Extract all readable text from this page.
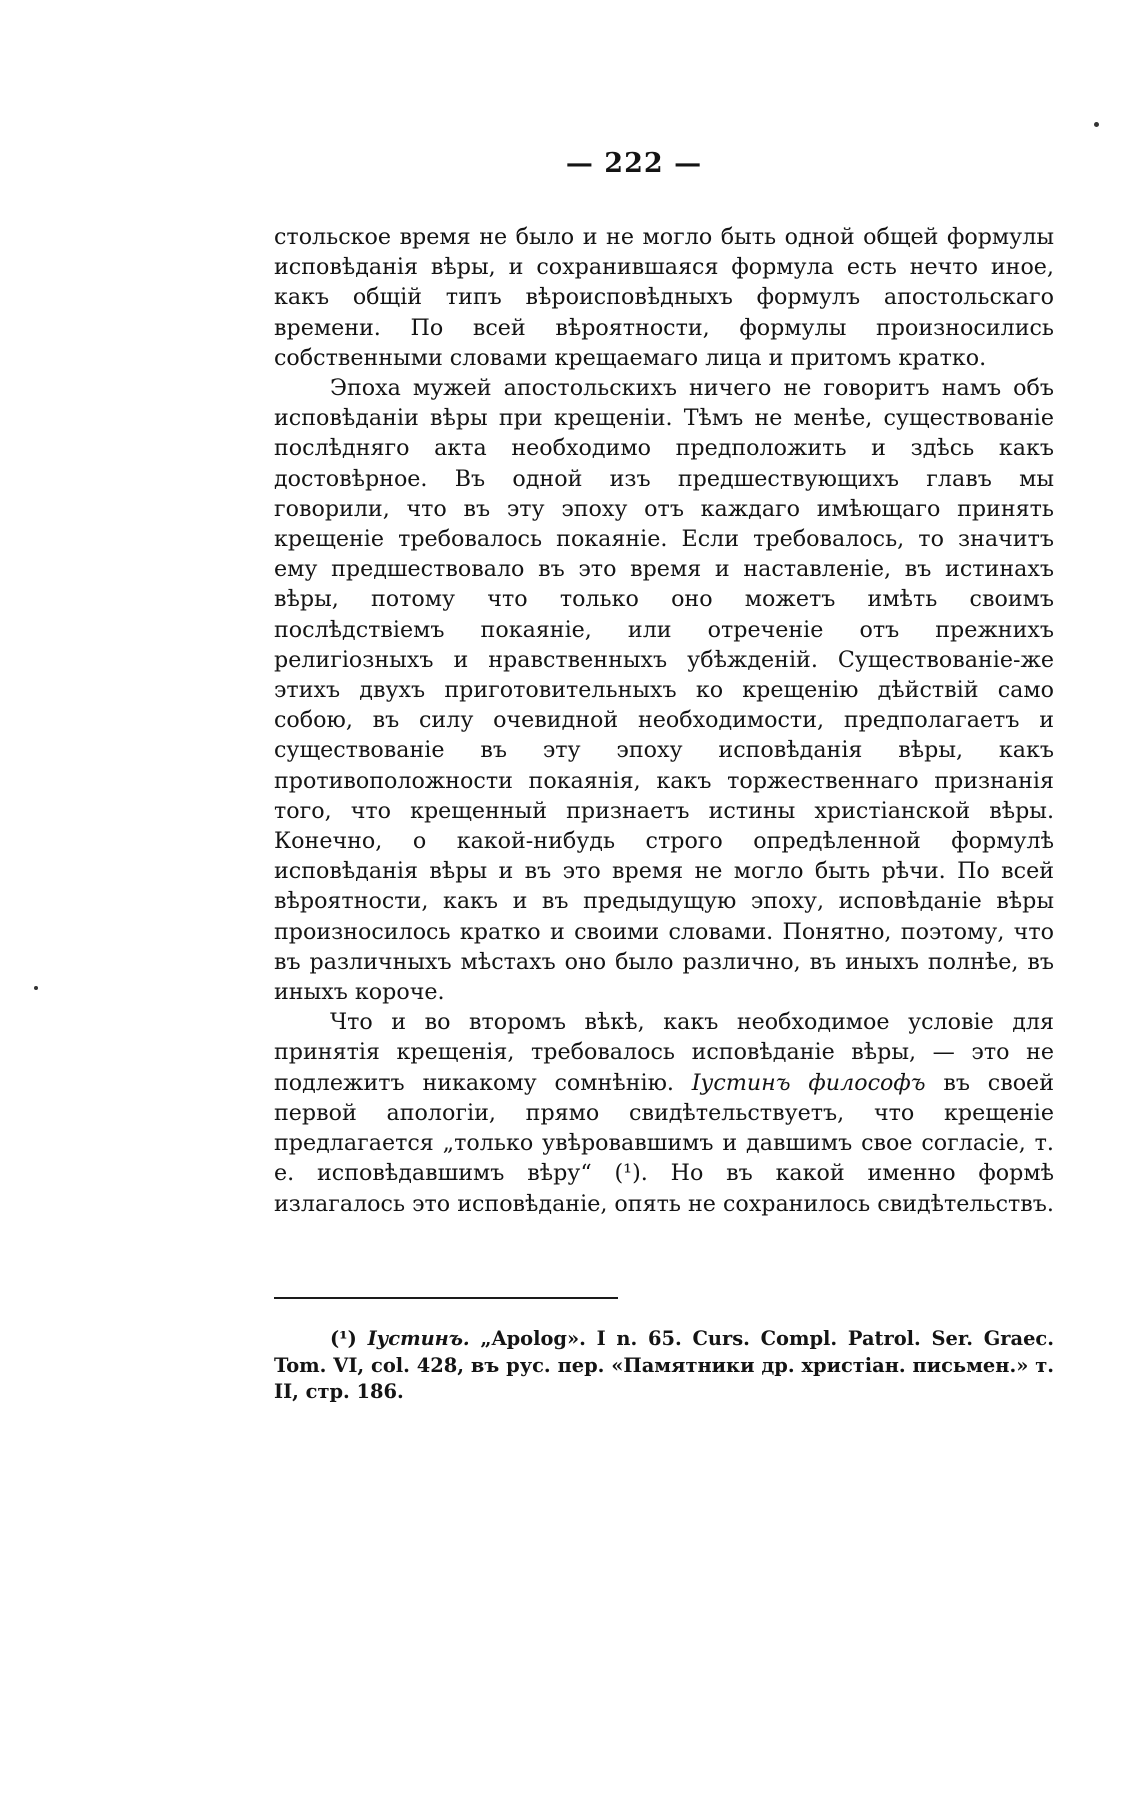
— 222 —

стольское время не было и не могло быть одной общей формулы исповѣданія вѣры, и сохранившаяся формула есть нечто иное, какъ общій типъ вѣроисповѣдныхъ формулъ апостольскаго времени. По всей вѣроятности, формулы произносились собственными словами крещаемаго лица и притомъ кратко.

Эпоха мужей апостольскихъ ничего не говоритъ намъ объ исповѣданіи вѣры при крещеніи. Тѣмъ не менѣе, существованіе послѣдняго акта необходимо предположить и здѣсь какъ достовѣрное. Въ одной изъ предшествующихъ главъ мы говорили, что въ эту эпоху отъ каждаго имѣющаго принять крещеніе требовалось покаяніе. Если требовалось, то значитъ ему предшествовало въ это время и наставленіе, въ истинахъ вѣры, потому что только оно можетъ имѣть своимъ послѣдствіемъ покаяніе, или отреченіе отъ прежнихъ религіозныхъ и нравственныхъ убѣжденій. Существованіе-же этихъ двухъ приготовительныхъ ко крещенію дѣйствій само собою, въ силу очевидной необходимости, предполагаетъ и существованіе въ эту эпоху исповѣданія вѣры, какъ противоположности покаянія, какъ торжественнаго признанія того, что крещенный признаетъ истины христіанской вѣры. Конечно, о какой-нибудь строго опредѣленной формулѣ исповѣданія вѣры и въ это время не могло быть рѣчи. По всей вѣроятности, какъ и въ предыдущую эпоху, исповѣданіе вѣры произносилось кратко и своими словами. Понятно, поэтому, что въ различныхъ мѣстахъ оно было различно, въ иныхъ полнѣе, въ иныхъ короче.

Что и во второмъ вѣкѣ, какъ необходимое условіе для принятія крещенія, требовалось исповѣданіе вѣры, — это не подлежитъ никакому сомнѣнію. Іустинъ философъ въ своей первой апологіи, прямо свидѣтельствуетъ, что крещеніе предлагается „только увѣровавшимъ и давшимъ свое согласіе, т. е. исповѣдавшимъ вѣру“ (¹). Но въ какой именно формѣ излагалось это исповѣданіе, опять не сохранилось свидѣтельствъ.

(¹) Іустинъ. „Apolog». I n. 65. Curs. Compl. Patrol. Ser. Graec. Tom. VI, col. 428, въ рус. пер. «Памятники др. христіан. письмен.» т. II, стр. 186.
